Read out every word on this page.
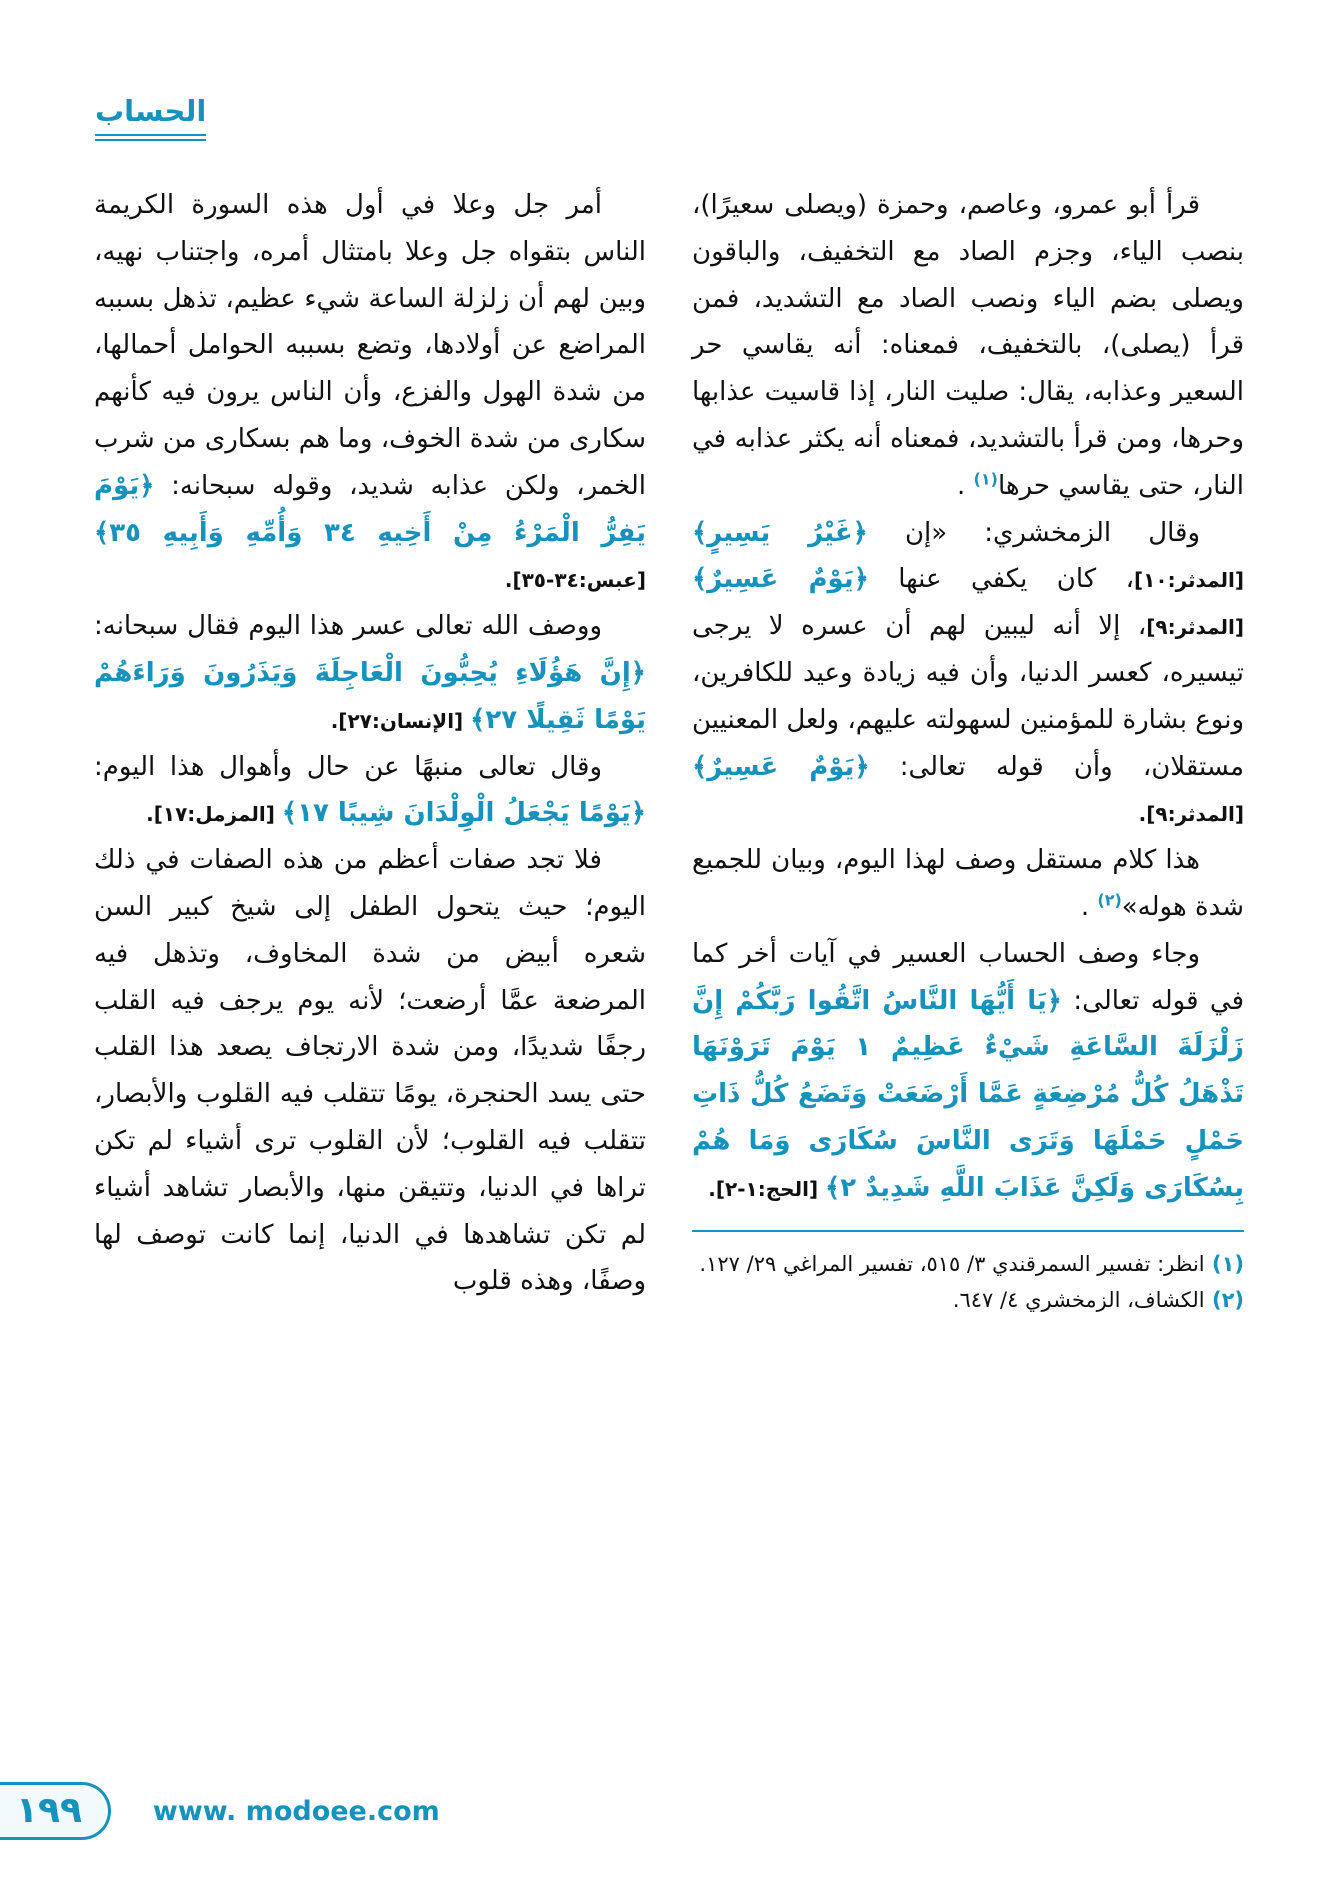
الحساب

قرأ أبو عمرو، وعاصم، وحمزة (ويصلى سعيرًا)، بنصب الياء، وجزم الصاد مع التخفيف، والباقون ويصلى بضم الياء ونصب الصاد مع التشديد، فمن قرأ (يصلى)، بالتخفيف، فمعناه: أنه يقاسي حر السعير وعذابه، يقال: صليت النار، إذا قاسيت عذابها وحرها، ومن قرأ بالتشديد، فمعناه أنه يكثر عذابه في النار، حتى يقاسي حرها$^{(١)}$ .

وقال الزمخشري: «إن ﴿غَيْرُ يَسِيرٍ﴾ [المدثر:١٠]، كان يكفي عنها ﴿يَوْمٌ عَسِيرٌ﴾ [المدثر:٩]، إلا أنه ليبين لهم أن عسره لا يرجى تيسيره، كعسر الدنيا، وأن فيه زيادة وعيد للكافرين، ونوع بشارة للمؤمنين لسهولته عليهم، ولعل المعنيين مستقلان، وأن قوله تعالى: ﴿يَوْمٌ عَسِيرٌ﴾ [المدثر:٩].

هذا كلام مستقل وصف لهذا اليوم، وبيان للجميع شدة هوله»$^{(٢)}$ .

وجاء وصف الحساب العسير في آيات أخر كما في قوله تعالى: ﴿يَا أَيُّهَا النَّاسُ اتَّقُوا رَبَّكُمْ إِنَّ زَلْزَلَةَ السَّاعَةِ شَيْءٌ عَظِيمٌ ١ يَوْمَ تَرَوْنَهَا تَذْهَلُ كُلُّ مُرْضِعَةٍ عَمَّا أَرْضَعَتْ وَتَضَعُ كُلُّ ذَاتِ حَمْلٍ حَمْلَهَا وَتَرَى النَّاسَ سُكَارَى وَمَا هُمْ بِسُكَارَى وَلَكِنَّ عَذَابَ اللَّهِ شَدِيدٌ ٢﴾ [الحج:١-٢].

(١) انظر: تفسير السمرقندي ٣/ ٥١٥، تفسير المراغي ٢٩/ ١٢٧.
(٢) الكشاف، الزمخشري ٤/ ٦٤٧.

أمر جل وعلا في أول هذه السورة الكريمة الناس بتقواه جل وعلا بامتثال أمره، واجتناب نهيه، وبين لهم أن زلزلة الساعة شيء عظيم، تذهل بسببه المراضع عن أولادها، وتضع بسببه الحوامل أحمالها، من شدة الهول والفزع، وأن الناس يرون فيه كأنهم سكارى من شدة الخوف، وما هم بسكارى من شرب الخمر، ولكن عذابه شديد، وقوله سبحانه: ﴿يَوْمَ يَفِرُّ الْمَرْءُ مِنْ أَخِيهِ ٣٤ وَأُمِّهِ وَأَبِيهِ ٣٥﴾ [عبس:٣٤-٣٥].

ووصف الله تعالى عسر هذا اليوم فقال سبحانه: ﴿إِنَّ هَؤُلَاءِ يُحِبُّونَ الْعَاجِلَةَ وَيَذَرُونَ وَرَاءَهُمْ يَوْمًا ثَقِيلًا ٢٧﴾ [الإنسان:٢٧].

وقال تعالى منبهًا عن حال وأهوال هذا اليوم: ﴿يَوْمًا يَجْعَلُ الْوِلْدَانَ شِيبًا ١٧﴾ [المزمل:١٧].

فلا تجد صفات أعظم من هذه الصفات في ذلك اليوم؛ حيث يتحول الطفل إلى شيخ كبير السن شعره أبيض من شدة المخاوف، وتذهل فيه المرضعة عمَّا أرضعت؛ لأنه يوم يرجف فيه القلب رجفًا شديدًا، ومن شدة الارتجاف يصعد هذا القلب حتى يسد الحنجرة، يومًا تتقلب فيه القلوب والأبصار، تتقلب فيه القلوب؛ لأن القلوب ترى أشياء لم تكن تراها في الدنيا، وتتيقن منها، والأبصار تشاهد أشياء لم تكن تشاهدها في الدنيا، إنما كانت توصف لها وصفًا، وهذه قلوب

١٩٩	www. modoee.com
